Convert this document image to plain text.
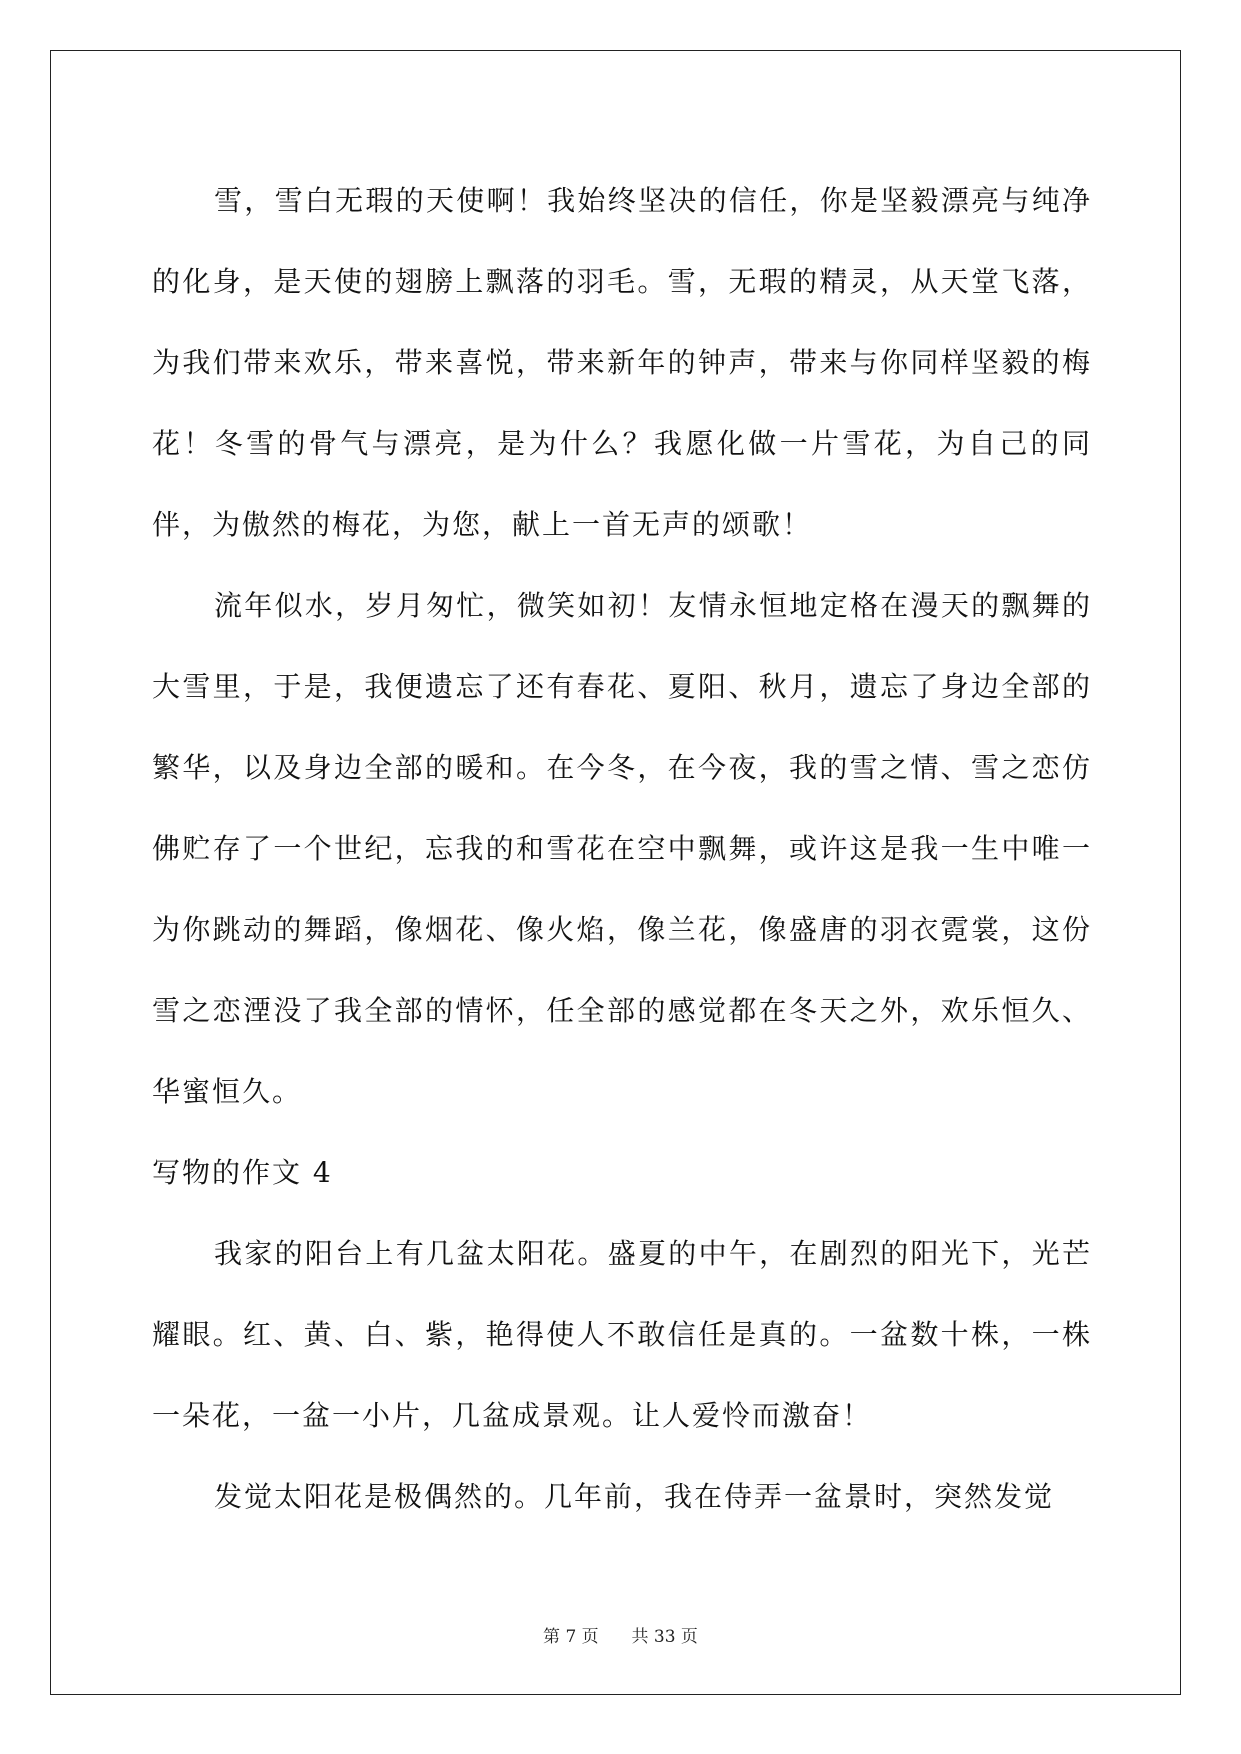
雪，雪白无瑕的天使啊！我始终坚决的信任，你是坚毅漂亮与纯净的化身，是天使的翅膀上飘落的羽毛。雪，无瑕的精灵，从天堂飞落，为我们带来欢乐，带来喜悦，带来新年的钟声，带来与你同样坚毅的梅花！冬雪的骨气与漂亮，是为什么？我愿化做一片雪花，为自己的同伴，为傲然的梅花，为您，献上一首无声的颂歌！

流年似水，岁月匆忙，微笑如初！友情永恒地定格在漫天的飘舞的大雪里，于是，我便遗忘了还有春花、夏阳、秋月，遗忘了身边全部的繁华，以及身边全部的暖和。在今冬，在今夜，我的雪之情、雪之恋仿佛贮存了一个世纪，忘我的和雪花在空中飘舞，或许这是我一生中唯一为你跳动的舞蹈，像烟花、像火焰，像兰花，像盛唐的羽衣霓裳，这份雪之恋湮没了我全部的情怀，任全部的感觉都在冬天之外，欢乐恒久、华蜜恒久。

写物的作文 4

我家的阳台上有几盆太阳花。盛夏的中午，在剧烈的阳光下，光芒耀眼。红、黄、白、紫，艳得使人不敢信任是真的。一盆数十株，一株一朵花，一盆一小片，几盆成景观。让人爱怜而激奋！

发觉太阳花是极偶然的。几年前，我在侍弄一盆景时，突然发觉

第 7 页 共 33 页
